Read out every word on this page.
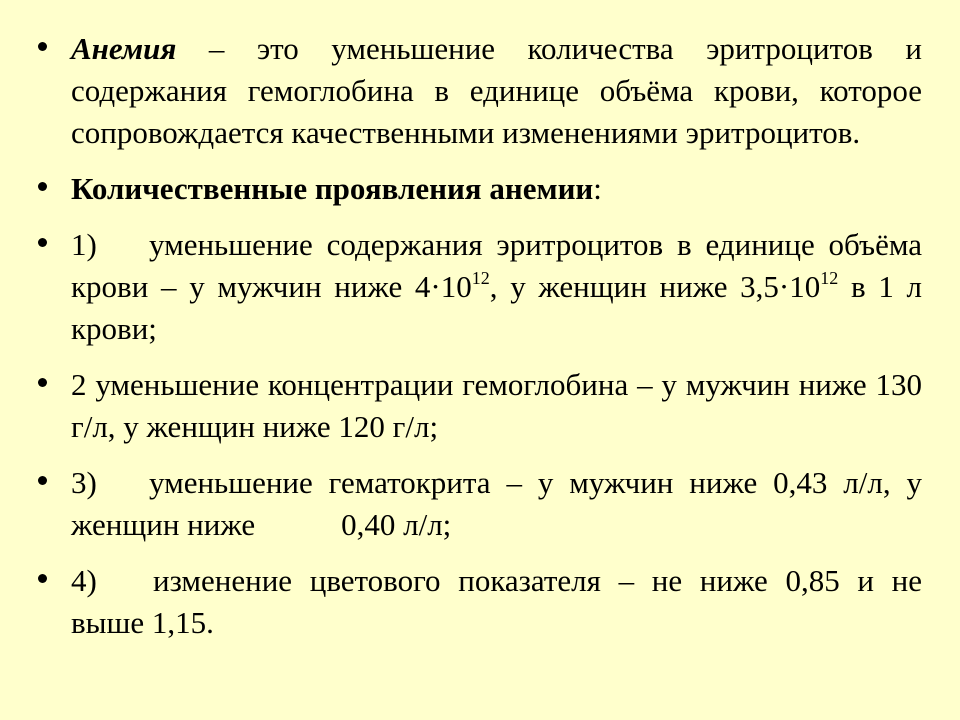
Анемия – это уменьшение количества эритроцитов и содержания гемоглобина в единице объёма крови, которое сопровождается качественными изменениями эритроцитов.
Количественные проявления анемии:
1) уменьшение содержания эритроцитов в единице объёма крови – у мужчин ниже $4\cdot 10^{12}$, у женщин ниже $3,5\cdot 10^{12}$ в 1 л крови;
2 уменьшение концентрации гемоглобина – у мужчин ниже 130 г/л, у женщин ниже 120 г/л;
3) уменьшение гематокрита – у мужчин ниже 0,43 л/л, у женщин ниже	0,40 л/л;
4) изменение цветового показателя – не ниже 0,85 и не выше 1,15.
